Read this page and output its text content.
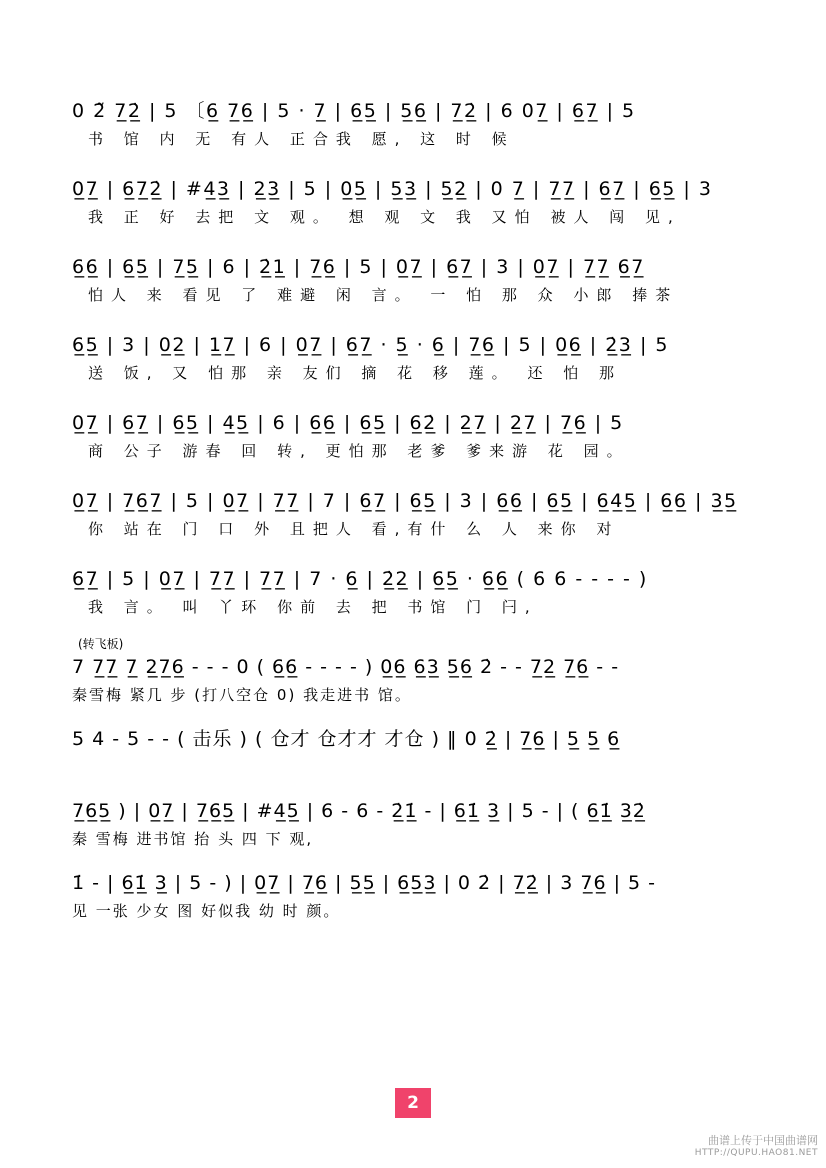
0 2̃ 7̲2̲̇ | 5 〔6̲ 7̲6̲ | 5 · 7̲ | 6̲5̲ | 5̲6̲ | 7̲2̲̇ | 6 07̲ | 6̲7̲ | 5
书 馆 内 无 有人 正合我 愿, 这 时 候
0̲7̲ | 6̲7̲2̲̇ | #4̲3̲ | 2̲3̲ | 5 | 0̲5̲ | 5̲3̲ | 5̲2̲ | 0 7̲ | 7̲7̲ | 6̲7̲ | 6̲5̲ | 3
我 正 好 去把 文 观。 想 观 文 我 又怕 被人 闯 见,
6̲6̲ | 6̲5̲ | 7̲5̲ | 6 | 2̲̇1̲ | 7̲6̲ | 5 | 0̲7̲ | 6̲7̲ | 3 | 0̲7̲ | 7̲7̲ 6̲7̲
怕人 来 看见 了 难避 闲 言。 一 怕 那 众 小郎 捧茶
6̲5̲ | 3 | 0̲2̲ | 1̲7̲ | 6 | 0̲7̲ | 6̲7̲ · 5̲ · 6̲ | 7̲6̲ | 5 | 0̲6̲ | 2̲̇3̲ | 5
送 饭, 又 怕那 亲 友们 摘 花 移 莲。 还 怕 那
0̲7̲ | 6̲7̲ | 6̲5̲ | 4̲5̲ | 6 | 6̲6̲ | 6̲5̲ | 6̲2̲̇ | 2̲7̲ | 2̲7̲ | 7̲6̲ | 5
商 公子 游春 回 转, 更怕那 老爹 爹来游 花 园。
0̲7̲ | 7̲6̲7̲ | 5 | 0̲7̲ | 7̲7̲ | 7 | 6̲7̲ | 6̲5̲ | 3 | 6̲6̲ | 6̲5̲ | 6̲4̲5̲ | 6̲6̲ | 3̲5̲
你 站在 门 口 外 且把人 看,有什 么 人 来你 对
6̲7̲ | 5 | 0̲7̲ | 7̲7̲ | 7̲7̲ | 7 · 6̲ | 2̲̇2̲ | 6̲5̲ · 6̲6̲ ( 6 6 - - - - )
我 言。 叫 丫环 你前 去 把 书馆 门 闩,
(转飞板)
7 7̲7̲ 7̲ 2̲7̲6̲ - - - 0 ( 6̲6̲ - - - - ) 0̲6̲ 6̲3̲ 5̲6̲ 2̇ - - 7̲2̲ 7̲6̲ - -
秦雪梅 紧几 步 (打八空仓 0) 我走进书 馆。
5 4 - 5 - - ( 击乐 ) ( 仓才 仓才才 才仓 ) ‖ 0 2̲̇ | 7̲6̲ | 5̲ 5̲ 6̲
7̲6̲5̲ ) | 0̲7̲ | 7̲6̲5̲ | #4̲5̲ | 6 - 6 - 2̲̇1̲̇ - | 6̲1̲̇ 3̲ | 5 - | ( 6̲1̲̇ 3̲2̲̇
秦 雪梅 进书馆 抬 头 四 下 观,
1̇ - | 6̲1̲̇ 3̲ | 5 - ) | 0̲7̲ | 7̲6̲ | 5̲5̲ | 6̲5̲3̲ | 0 2̇ | 7̲2̲̇ | 3 7̲6̲ | 5 -
见 一张 少女 图 好似我 幼 时 颜。
2
曲谱上传于中国曲谱网
HTTP://QUPU.HAO81.NET
